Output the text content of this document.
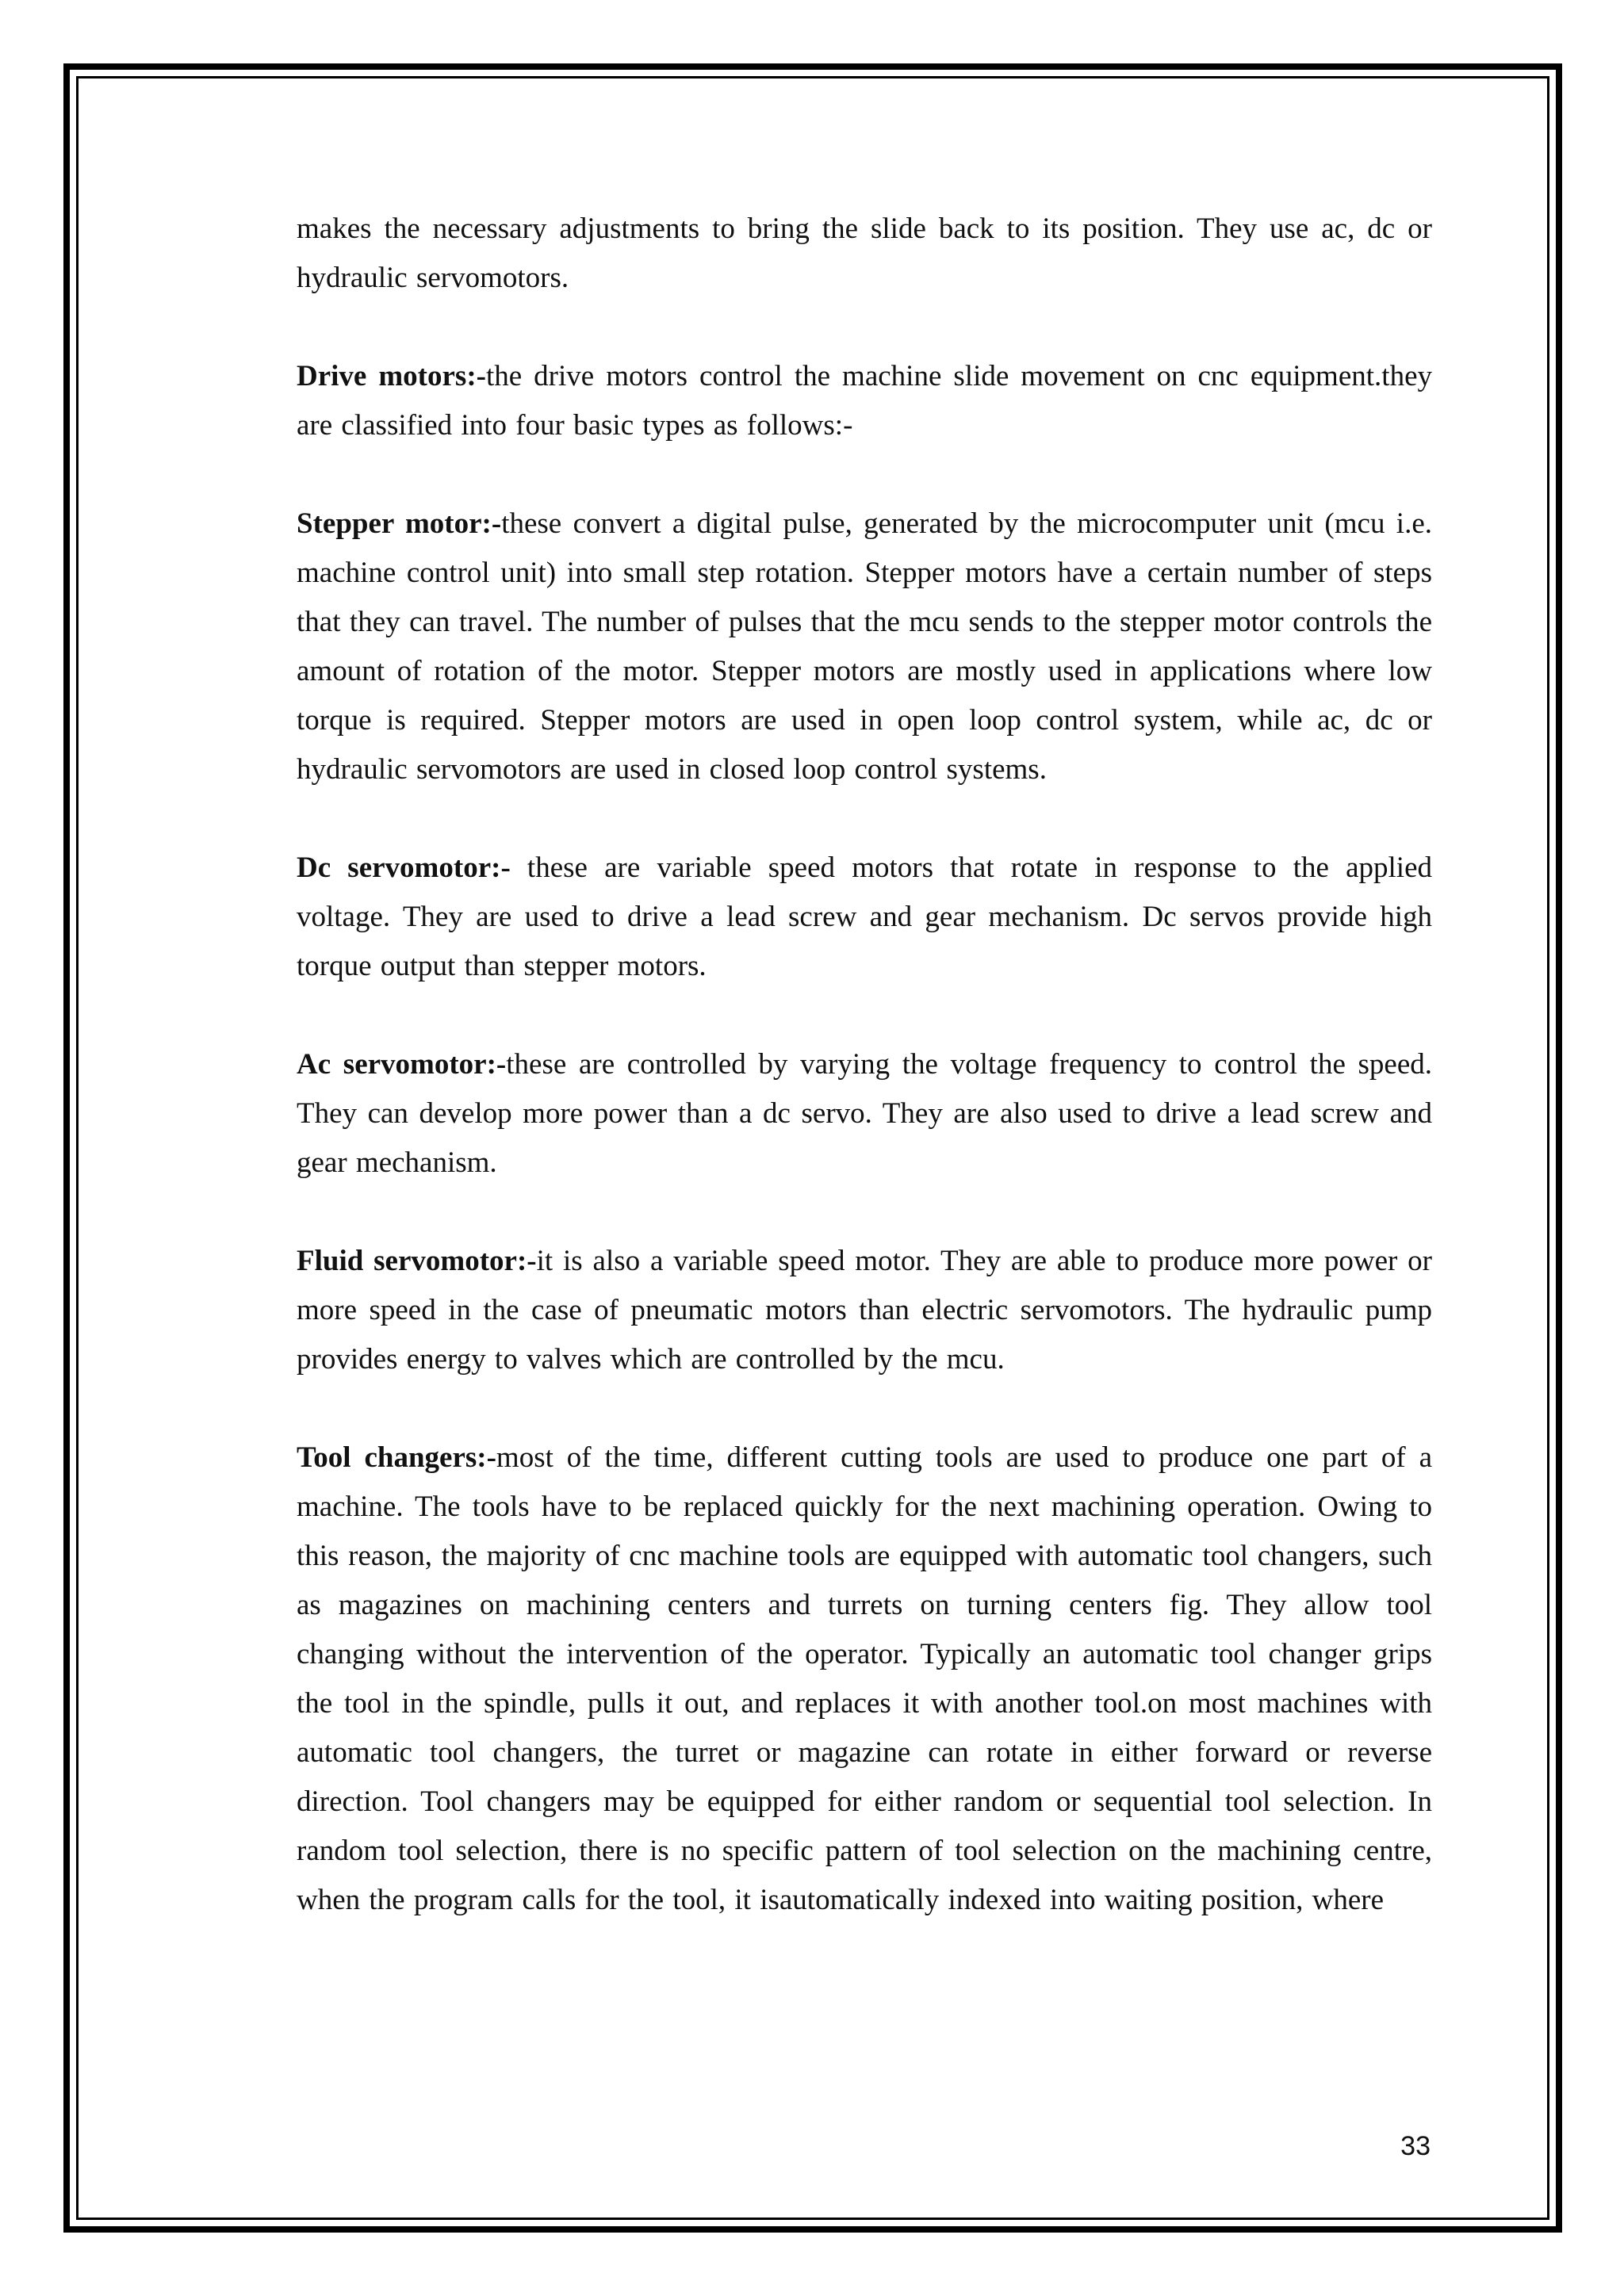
makes the necessary adjustments to bring the slide back to its position. They use ac, dc or hydraulic servomotors.

Drive motors:-the drive motors control the machine slide movement on cnc equipment.they are classified into four basic types as follows:-

Stepper motor:-these convert a digital pulse, generated by the microcomputer unit (mcu i.e. machine control unit) into small step rotation. Stepper motors have a certain number of steps that they can travel. The number of pulses that the mcu sends to the stepper motor controls the amount of rotation of the motor. Stepper motors are mostly used in applications where low torque is required. Stepper motors are used in open loop control system, while ac, dc or hydraulic servomotors are used in closed loop control systems.

Dc servomotor:- these are variable speed motors that rotate in response to the applied voltage. They are used to drive a lead screw and gear mechanism. Dc servos provide high torque output than stepper motors.

Ac servomotor:-these are controlled by varying the voltage frequency to control the speed. They can develop more power than a dc servo. They are also used to drive a lead screw and gear mechanism.

Fluid servomotor:-it is also a variable speed motor. They are able to produce more power or more speed in the case of pneumatic motors than electric servomotors. The hydraulic pump provides energy to valves which are controlled by the mcu.

Tool changers:-most of the time, different cutting tools are used to produce one part of a machine. The tools have to be replaced quickly for the next machining operation. Owing to this reason, the majority of cnc machine tools are equipped with automatic tool changers, such as magazines on machining centers and turrets on turning centers fig. They allow tool changing without the intervention of the operator. Typically an automatic tool changer grips the tool in the spindle, pulls it out, and replaces it with another tool.on most machines with automatic tool changers, the turret or magazine can rotate in either forward or reverse direction. Tool changers may be equipped for either random or sequential tool selection. In random tool selection, there is no specific pattern of tool selection on the machining centre, when the program calls for the tool, it isautomatically indexed into waiting position, where

33
